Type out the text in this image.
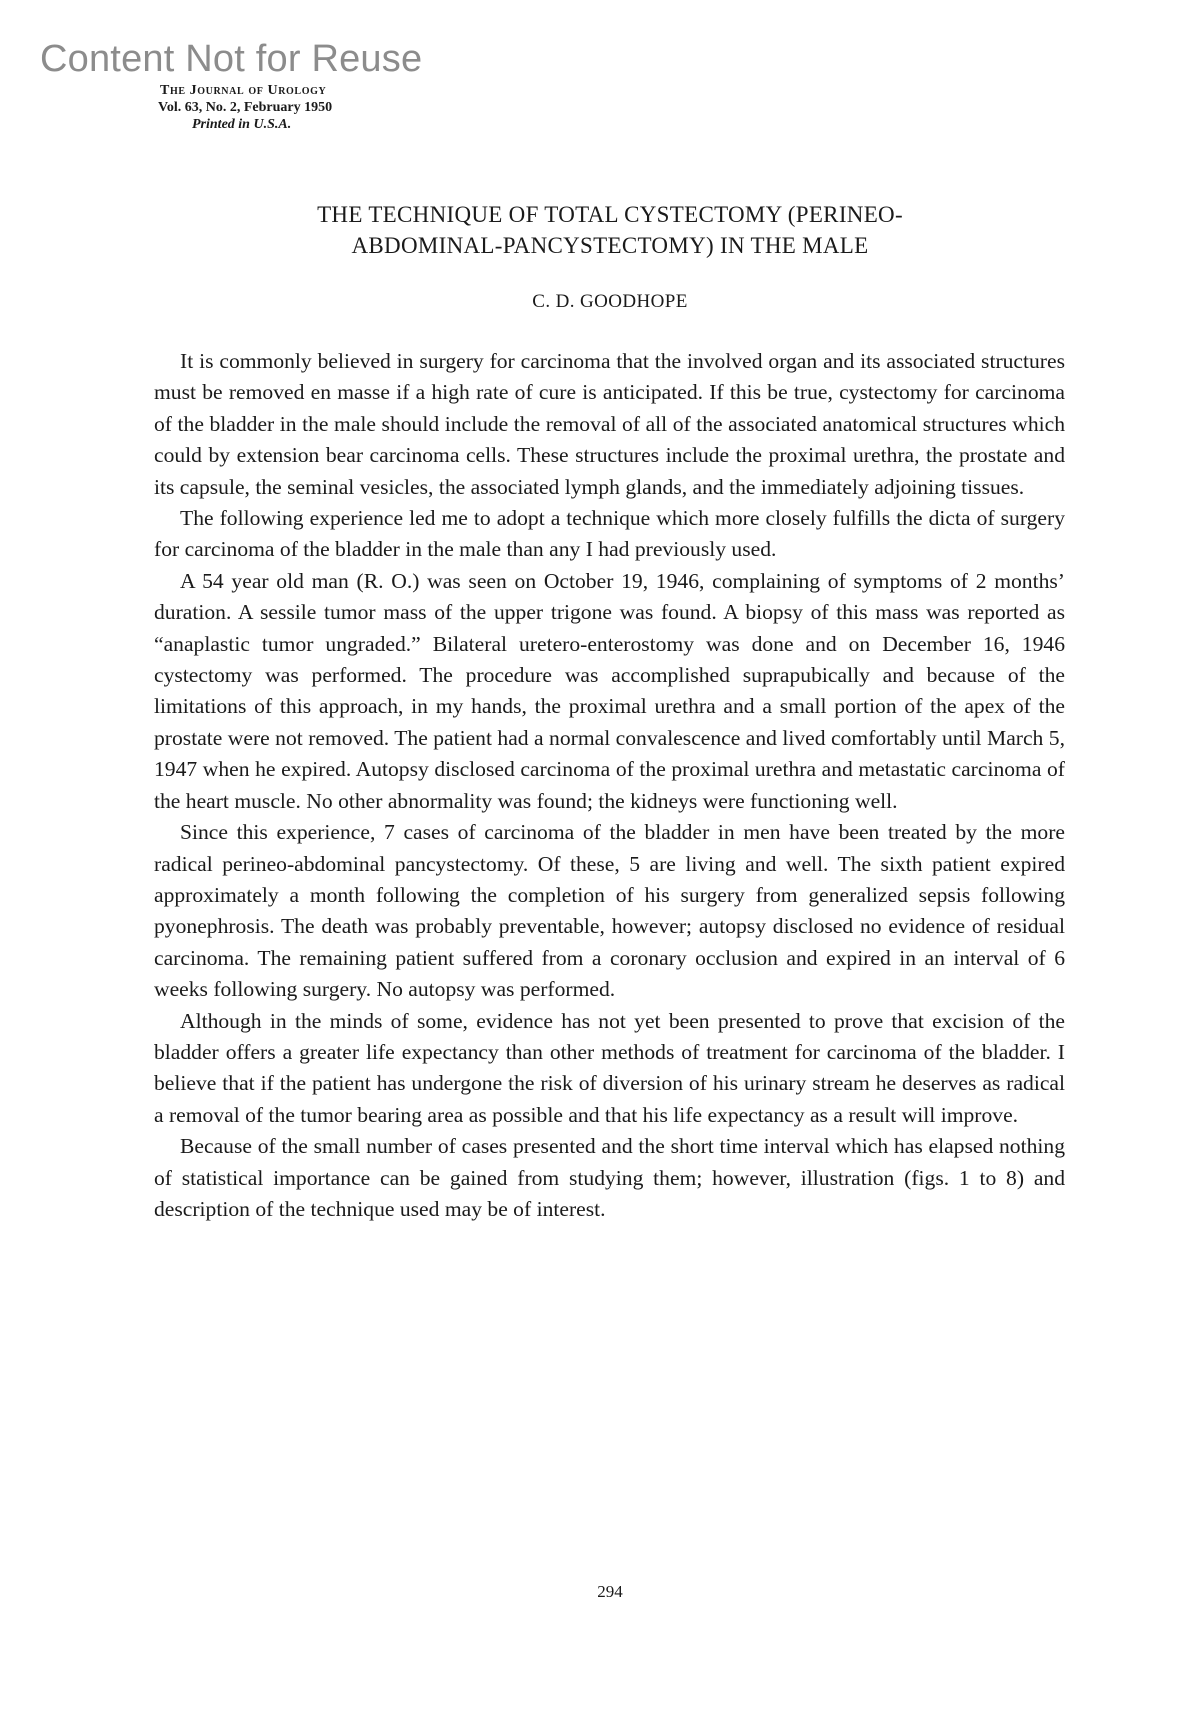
Content Not for Reuse
The Journal of Urology
Vol. 63, No. 2, February 1950
Printed in U.S.A.
THE TECHNIQUE OF TOTAL CYSTECTOMY (PERINEO-
ABDOMINAL-PANCYSTECTOMY) IN THE MALE
C. D. GOODHOPE

It is commonly believed in surgery for carcinoma that the involved organ and its associated structures must be removed en masse if a high rate of cure is anticipated. If this be true, cystectomy for carcinoma of the bladder in the male should include the removal of all of the associated anatomical structures which could by extension bear carcinoma cells. These structures include the proximal urethra, the prostate and its capsule, the seminal vesicles, the associated lymph glands, and the immediately adjoining tissues.

The following experience led me to adopt a technique which more closely fulfills the dicta of surgery for carcinoma of the bladder in the male than any I had previously used.

A 54 year old man (R. O.) was seen on October 19, 1946, complaining of symptoms of 2 months’ duration. A sessile tumor mass of the upper trigone was found. A biopsy of this mass was reported as “anaplastic tumor ungraded.” Bilateral uretero-enterostomy was done and on December 16, 1946 cystectomy was performed. The procedure was accomplished suprapubically and because of the limitations of this approach, in my hands, the proximal urethra and a small portion of the apex of the prostate were not removed. The patient had a normal convalescence and lived comfortably until March 5, 1947 when he expired. Autopsy disclosed carcinoma of the proximal urethra and metastatic carcinoma of the heart muscle. No other abnormality was found; the kidneys were functioning well.

Since this experience, 7 cases of carcinoma of the bladder in men have been treated by the more radical perineo-abdominal pancystectomy. Of these, 5 are living and well. The sixth patient expired approximately a month following the completion of his surgery from generalized sepsis following pyonephrosis. The death was probably preventable, however; autopsy disclosed no evidence of residual carcinoma. The remaining patient suffered from a coronary occlusion and expired in an interval of 6 weeks following surgery. No autopsy was performed.

Although in the minds of some, evidence has not yet been presented to prove that excision of the bladder offers a greater life expectancy than other methods of treatment for carcinoma of the bladder. I believe that if the patient has undergone the risk of diversion of his urinary stream he deserves as radical a removal of the tumor bearing area as possible and that his life expectancy as a result will improve.

Because of the small number of cases presented and the short time interval which has elapsed nothing of statistical importance can be gained from studying them; however, illustration (figs. 1 to 8) and description of the technique used may be of interest.

294
